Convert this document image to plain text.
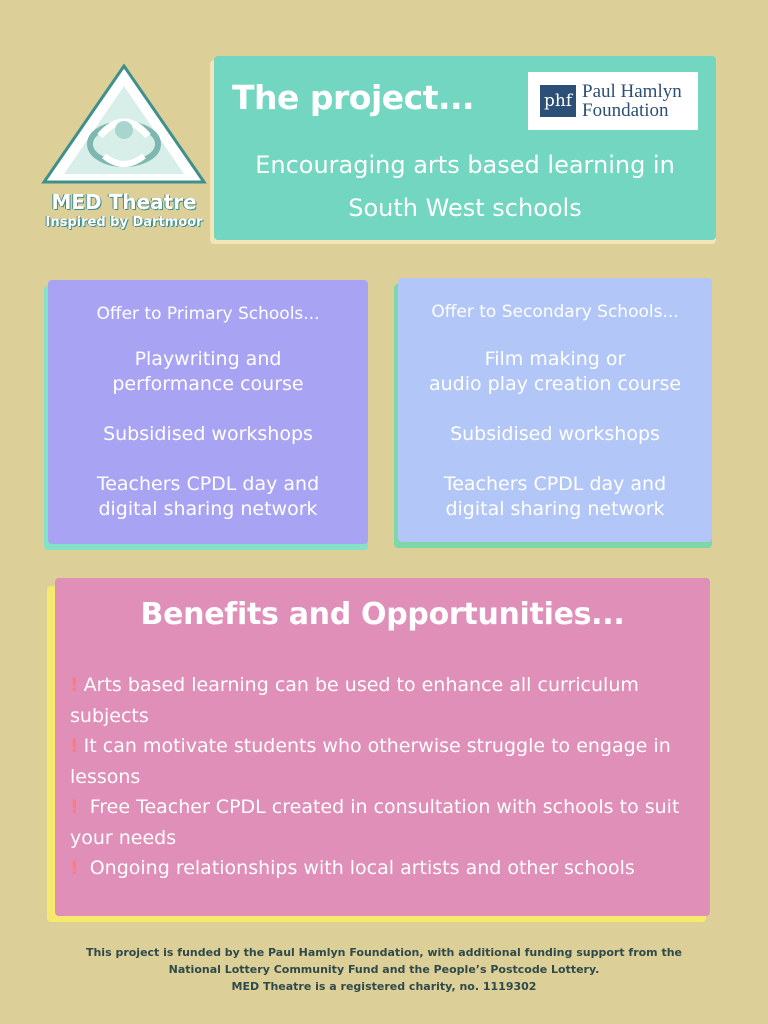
MED Theatre
Inspired by Dartmoor
The project...	phf Paul Hamlyn
Foundation
Encouraging arts based learning in
South West schools
Offer to Primary Schools...
Playwriting and
performance course
Subsidised workshops
Teachers CPDL day and
digital sharing network
Offer to Secondary Schools...
Film making or
audio play creation course
Subsidised workshops
Teachers CPDL day and
digital sharing network
Benefits and Opportunities...
! Arts based learning can be used to enhance all curriculum subjects
! It can motivate students who otherwise struggle to engage in lessons
! Free Teacher CPDL created in consultation with schools to suit your needs
! Ongoing relationships with local artists and other schools
This project is funded by the Paul Hamlyn Foundation, with additional funding support from the
National Lottery Community Fund and the People’s Postcode Lottery.
MED Theatre is a registered charity, no. 1119302
